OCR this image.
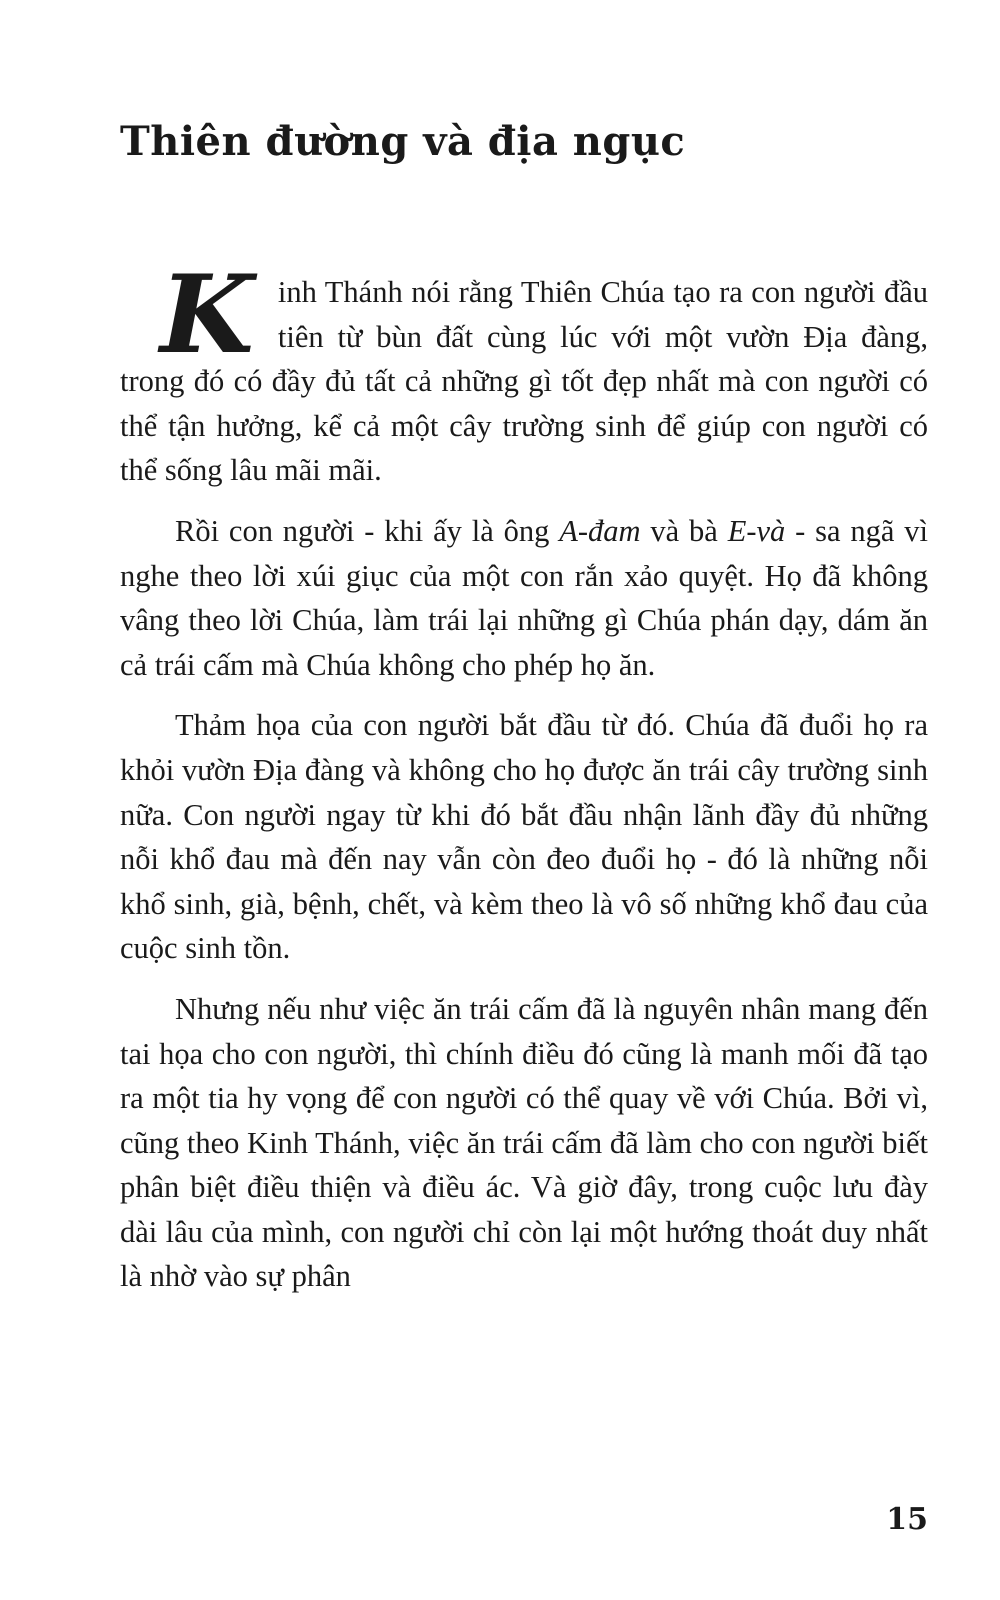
Thiên đường và địa ngục

Kinh Thánh nói rằng Thiên Chúa tạo ra con người đầu tiên từ bùn đất cùng lúc với một vườn Địa đàng, trong đó có đầy đủ tất cả những gì tốt đẹp nhất mà con người có thể tận hưởng, kể cả một cây trường sinh để giúp con người có thể sống lâu mãi mãi.

Rồi con người - khi ấy là ông A-đam và bà E-và - sa ngã vì nghe theo lời xúi giục của một con rắn xảo quyệt. Họ đã không vâng theo lời Chúa, làm trái lại những gì Chúa phán dạy, dám ăn cả trái cấm mà Chúa không cho phép họ ăn.

Thảm họa của con người bắt đầu từ đó. Chúa đã đuổi họ ra khỏi vườn Địa đàng và không cho họ được ăn trái cây trường sinh nữa. Con người ngay từ khi đó bắt đầu nhận lãnh đầy đủ những nỗi khổ đau mà đến nay vẫn còn đeo đuổi họ - đó là những nỗi khổ sinh, già, bệnh, chết, và kèm theo là vô số những khổ đau của cuộc sinh tồn.

Nhưng nếu như việc ăn trái cấm đã là nguyên nhân mang đến tai họa cho con người, thì chính điều đó cũng là manh mối đã tạo ra một tia hy vọng để con người có thể quay về với Chúa. Bởi vì, cũng theo Kinh Thánh, việc ăn trái cấm đã làm cho con người biết phân biệt điều thiện và điều ác. Và giờ đây, trong cuộc lưu đày dài lâu của mình, con người chỉ còn lại một hướng thoát duy nhất là nhờ vào sự phân

15
